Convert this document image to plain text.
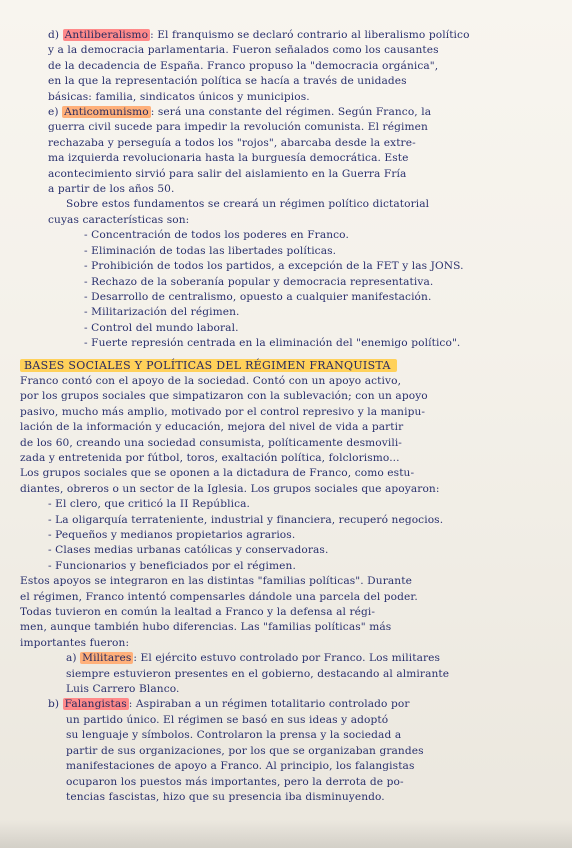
d) Antiliberalismo : El franquismo se declaró contrario al liberalismo político
y a la democracia parlamentaria. Fueron señalados como los causantes
de la decadencia de España. Franco propuso la "democracia orgánica",
en la que la representación política se hacía a través de unidades
básicas: familia, sindicatos únicos y municipios.
e) Anticomunismo : será una constante del régimen. Según Franco, la
guerra civil sucede para impedir la revolución comunista. El régimen
rechazaba y perseguía a todos los "rojos", abarcaba desde la extre-
ma izquierda revolucionaria hasta la burguesía democrática. Este
acontecimiento sirvió para salir del aislamiento en la Guerra Fría
a partir de los años 50.
Sobre estos fundamentos se creará un régimen político dictatorial
cuyas características son:
- Concentración de todos los poderes en Franco.
- Eliminación de todas las libertades políticas.
- Prohibición de todos los partidos, a excepción de la FET y las JONS.
- Rechazo de la soberanía popular y democracia representativa.
- Desarrollo de centralismo, opuesto a cualquier manifestación.
- Militarización del régimen.
- Control del mundo laboral.
- Fuerte represión centrada en la eliminación del "enemigo político".
BASES SOCIALES Y POLÍTICAS DEL RÉGIMEN FRANQUISTA
Franco contó con el apoyo de la sociedad. Contó con un apoyo activo,
por los grupos sociales que simpatizaron con la sublevación; con un apoyo
pasivo, mucho más amplio, motivado por el control represivo y la manipu-
lación de la información y educación, mejora del nivel de vida a partir
de los 60, creando una sociedad consumista, políticamente desmovili-
zada y entretenida por fútbol, toros, exaltación política, folclorismo...
Los grupos sociales que se oponen a la dictadura de Franco, como estu-
diantes, obreros o un sector de la Iglesia. Los grupos sociales que apoyaron:
- El clero, que criticó la II República.
- La oligarquía terrateniente, industrial y financiera, recuperó negocios.
- Pequeños y medianos propietarios agrarios.
- Clases medias urbanas católicas y conservadoras.
- Funcionarios y beneficiados por el régimen.
Estos apoyos se integraron en las distintas "familias políticas". Durante
el régimen, Franco intentó compensarles dándole una parcela del poder.
Todas tuvieron en común la lealtad a Franco y la defensa al régi-
men, aunque también hubo diferencias. Las "familias políticas" más
importantes fueron:
a) Militares : El ejército estuvo controlado por Franco. Los militares
siempre estuvieron presentes en el gobierno, destacando al almirante
Luis Carrero Blanco.
b) Falangistas : Aspiraban a un régimen totalitario controlado por
un partido único. El régimen se basó en sus ideas y adoptó
su lenguaje y símbolos. Controlaron la prensa y la sociedad a
partir de sus organizaciones, por los que se organizaban grandes
manifestaciones de apoyo a Franco. Al principio, los falangistas
ocuparon los puestos más importantes, pero la derrota de po-
tencias fascistas, hizo que su presencia iba disminuyendo.
